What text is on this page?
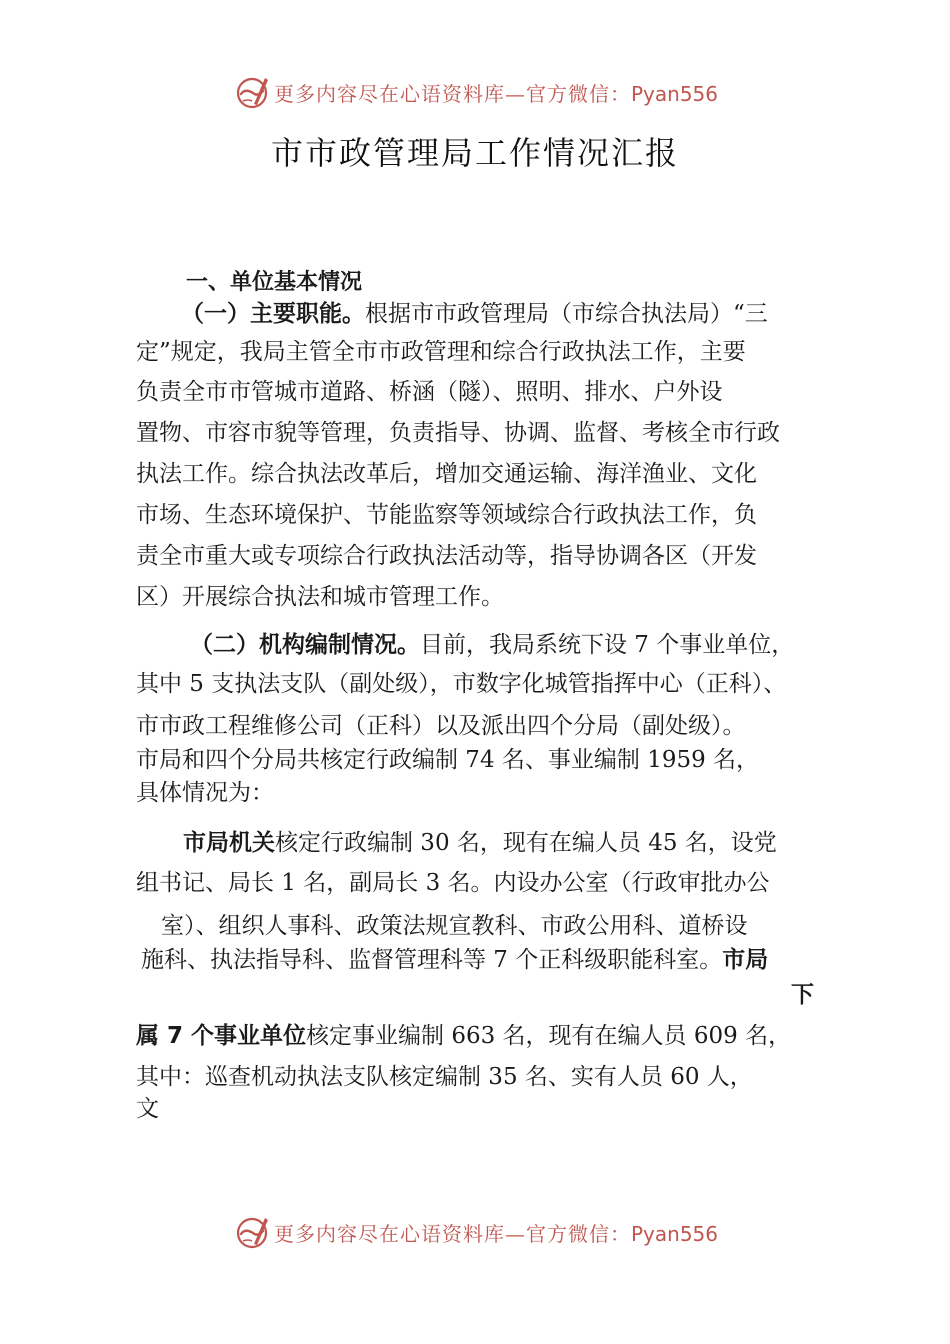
更多内容尽在心语资料库—官方微信：Pyan556
市市政管理局工作情况汇报
一、单位基本情况
（一）主要职能。根据市市政管理局（市综合执法局）“三
定”规定，我局主管全市市政管理和综合行政执法工作，主要
负责全市市管城市道路、桥涵（隧）、照明、排水、户外设
置物、市容市貌等管理，负责指导、协调、监督、考核全市行政
执法工作。综合执法改革后，增加交通运输、海洋渔业、文化
市场、生态环境保护、节能监察等领域综合行政执法工作，负
责全市重大或专项综合行政执法活动等，指导协调各区（开发
区）开展综合执法和城市管理工作。
（二）机构编制情况。目前，我局系统下设 7 个事业单位，
其中 5 支执法支队（副处级），市数字化城管指挥中心（正科）、
市市政工程维修公司（正科）以及派出四个分局（副处级）。
市局和四个分局共核定行政编制 74 名、事业编制 1959 名，
具体情况为：
市局机关核定行政编制 30 名，现有在编人员 45 名，设党
组书记、局长 1 名，副局长 3 名。内设办公室（行政审批办公
室）、组织人事科、政策法规宣教科、市政公用科、道桥设
施科、执法指导科、监督管理科等 7 个正科级职能科室。市局
下
属 7 个事业单位核定事业编制 663 名，现有在编人员 609 名，
其中：巡查机动执法支队核定编制 35 名、实有人员 60 人，
文
更多内容尽在心语资料库—官方微信：Pyan556
